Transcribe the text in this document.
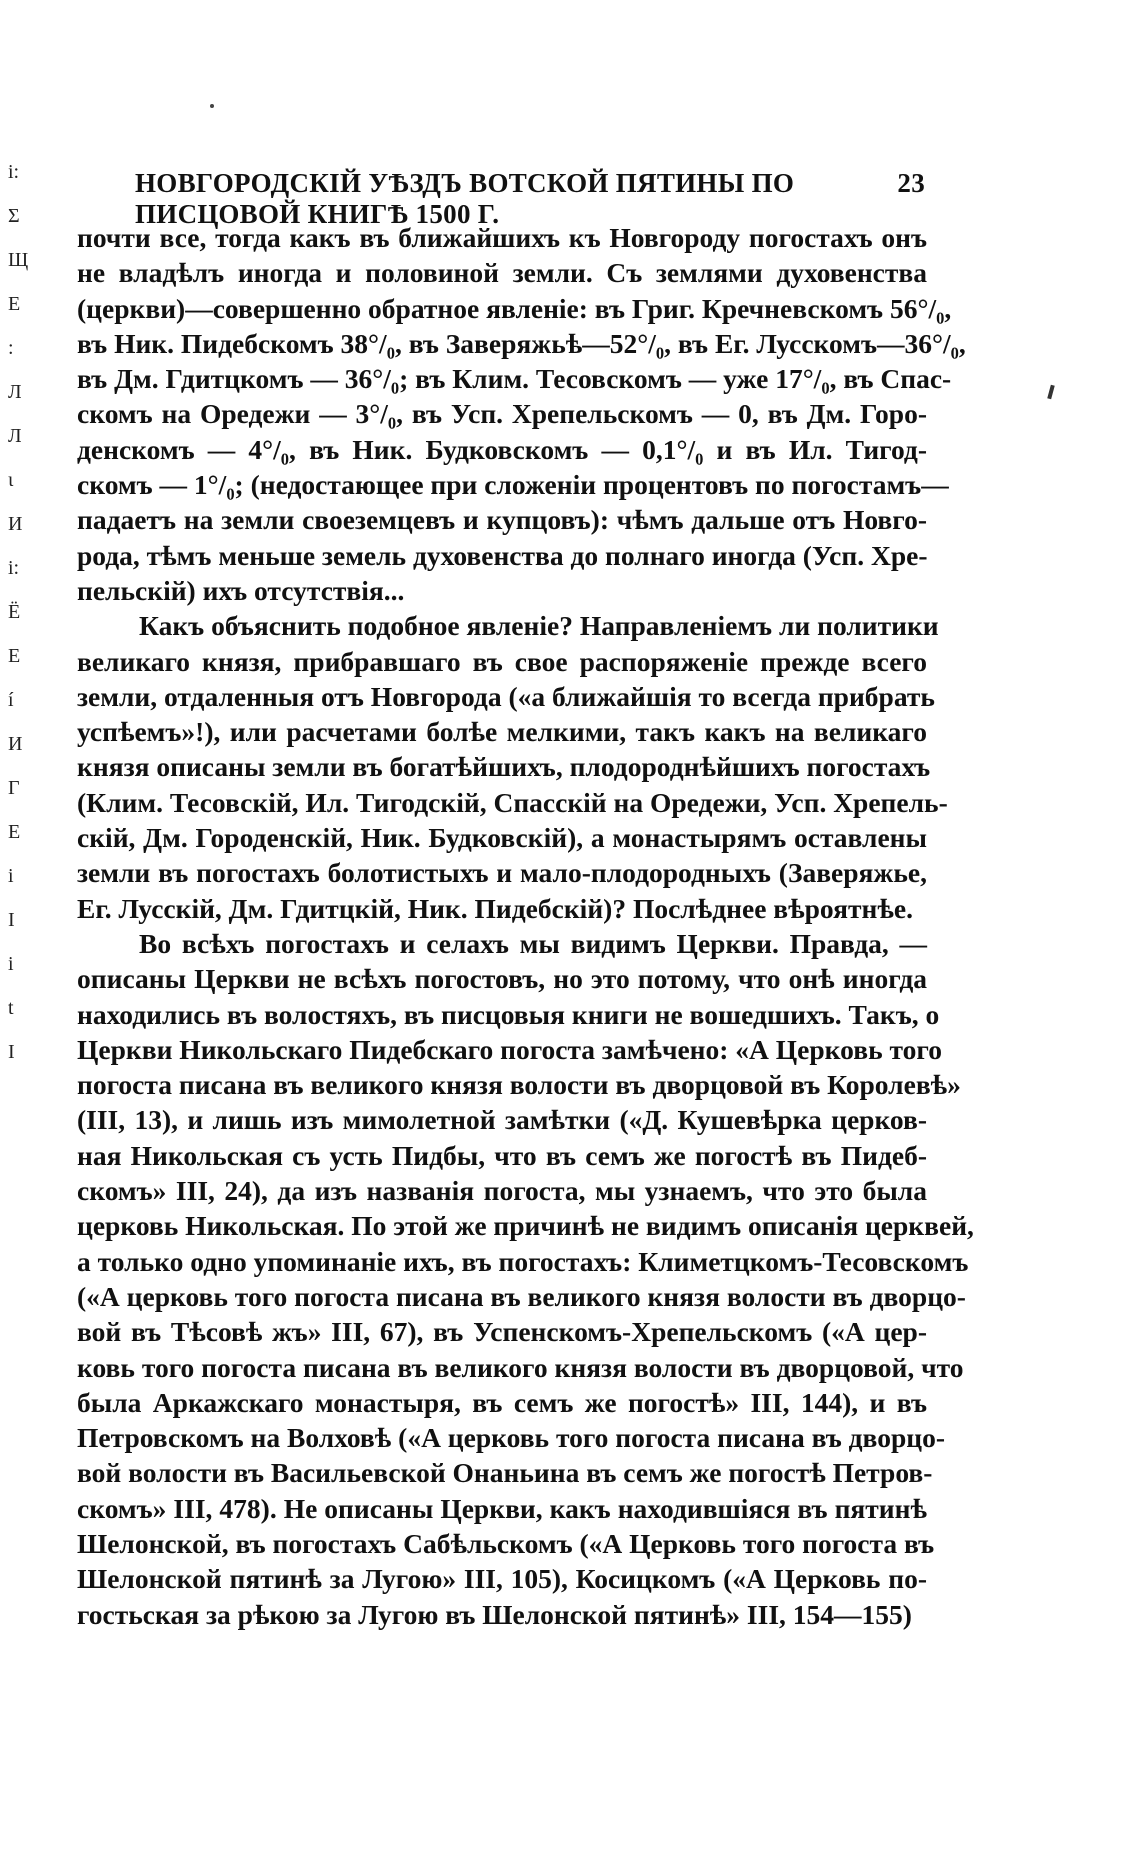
i:
Σ
Щ
Е
:
Л
Л
ɩ
И
i:
Ё
Е
í
И
Г
Е
i
I
i
t
I
НОВГОРОДСКІЙ УѢЗДЪ ВОТСКОЙ ПЯТИНЫ ПО ПИСЦОВОЙ КНИГѢ 1500 Г.
23
почти все, тогда какъ въ ближайшихъ къ Новгороду погостахъ онъ
не владѣлъ иногда и половиной земли. Съ землями духовенства
(церкви)—совершенно обратное явленіе: въ Григ. Кречневскомъ 56°/₀,
въ Ник. Пидебскомъ 38°/₀, въ Заверяжьѣ—52°/₀, въ Ег. Лусскомъ—36°/₀,
въ Дм. Гдитцкомъ — 36°/₀; въ Клим. Тесовскомъ — уже 17°/₀, въ Спас-
скомъ на Оредежи — 3°/₀, въ Усп. Хрепельскомъ — 0, въ Дм. Горо-
денскомъ — 4°/₀, въ Ник. Будковскомъ — 0,1°/₀ и въ Ил. Тигод-
скомъ — 1°/₀; (недостающее при сложеніи процентовъ по погостамъ—
падаетъ на земли своеземцевъ и купцовъ): чѣмъ дальше отъ Новго-
рода, тѣмъ меньше земель духовенства до полнаго иногда (Усп. Хре-
пельскій) ихъ отсутствія...
Какъ объяснить подобное явленіе? Направленіемъ ли политики
великаго князя, прибравшаго въ свое распоряженіе прежде всего
земли, отдаленныя отъ Новгорода («а ближайшія то всегда прибрать
успѣемъ»!), или расчетами болѣе мелкими, такъ какъ на великаго
князя описаны земли въ богатѣйшихъ, плодороднѣйшихъ погостахъ
(Клим. Тесовскій, Ил. Тигодскій, Спасскій на Оредежи, Усп. Хрепель-
скій, Дм. Городенскій, Ник. Будковскій), а монастырямъ оставлены
земли въ погостахъ болотистыхъ и мало-плодородныхъ (Заверяжье,
Ег. Лусскій, Дм. Гдитцкій, Ник. Пидебскій)? Послѣднее вѣроятнѣе.
Во всѣхъ погостахъ и селахъ мы видимъ Церкви. Правда, —
описаны Церкви не всѣхъ погостовъ, но это потому, что онѣ иногда
находились въ волостяхъ, въ писцовыя книги не вошедшихъ. Такъ, о
Церкви Никольскаго Пидебскаго погоста замѣчено: «А Церковь того
погоста писана въ великого князя волости въ дворцовой въ Королевѣ»
(III, 13), и лишь изъ мимолетной замѣтки («Д. Кушевѣрка церков-
ная Никольская съ усть Пидбы, что въ семъ же погостѣ въ Пидеб-
скомъ» III, 24), да изъ названія погоста, мы узнаемъ, что это была
церковь Никольская. По этой же причинѣ не видимъ описанія церквей,
а только одно упоминаніе ихъ, въ погостахъ: Климетцкомъ-Тесовскомъ
(«А церковь того погоста писана въ великого князя волости въ дворцо-
вой въ Тѣсовѣ жъ» III, 67), въ Успенскомъ-Хрепельскомъ («А цер-
ковь того погоста писана въ великого князя волости въ дворцовой, что
была Аркажскаго монастыря, въ семъ же погостѣ» III, 144), и въ
Петровскомъ на Волховѣ («А церковь того погоста писана въ дворцо-
вой волости въ Васильевской Онаньина въ семъ же погостѣ Петров-
скомъ» III, 478). Не описаны Церкви, какъ находившіяся въ пятинѣ
Шелонской, въ погостахъ Сабѣльскомъ («А Церковь того погоста въ
Шелонской пятинѣ за Лугою» III, 105), Косицкомъ («А Церковь по-
гостьская за рѣкою за Лугою въ Шелонской пятинѣ» III, 154—155)
